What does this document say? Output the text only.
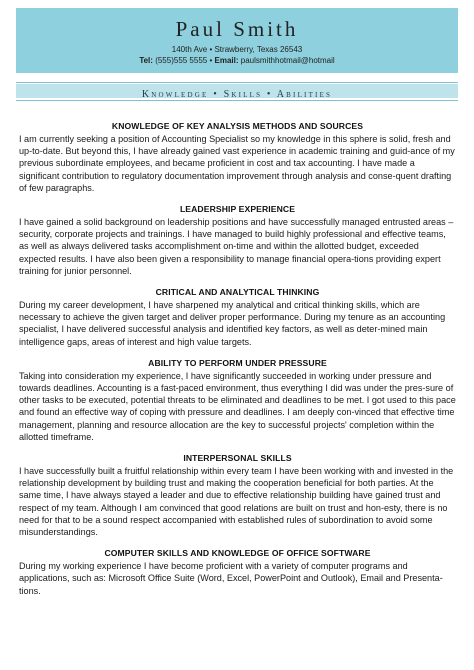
Paul Smith
140th Ave • Strawberry, Texas 26543
Tel: (555)555 5555 • Email: paulsmithhotmail@hotmail
Knowledge • Skills • Abilities
KNOWLEDGE OF KEY ANALYSIS METHODS AND SOURCES
I am currently seeking a position of Accounting Specialist so my knowledge in this sphere is solid, fresh and up-to-date. But beyond this, I have already gained vast experience in academic training and guid-ance of my previous subordinate employees, and became proficient in cost and tax accounting. I have made a significant contribution to regulatory documentation improvement through analysis and conse-quent drafting of few paragraphs.
LEADERSHIP EXPERIENCE
I have gained a solid background on leadership positions and have successfully managed entrusted areas – security, corporate projects and trainings. I have managed to build highly professional and effective teams, as well as always delivered tasks accomplishment on-time and within the allotted budget, exceeded expected results. I have also been given a responsibility to manage financial opera-tions providing expert training for junior personnel.
CRITICAL AND ANALYTICAL THINKING
During my career development, I have sharpened my analytical and critical thinking skills, which are necessary to achieve the given target and deliver proper performance. During my tenure as an accounting specialist, I have delivered successful analysis and identified key factors, as well as deter-mined main intelligence gaps, areas of interest and high value targets.
ABILITY TO PERFORM UNDER PRESSURE
Taking into consideration my experience, I have significantly succeeded in working under pressure and towards deadlines. Accounting is a fast-paced environment, thus everything I did was under the pres-sure of other tasks to be executed, potential threats to be eliminated and deadlines to be met. I got used to this pace and found an effective way of coping with pressure and deadlines. I am deeply con-vinced that effective time management, planning and resource allocation are the key to successful projects' completion within the allotted timeframe.
INTERPERSONAL SKILLS
I have successfully built a fruitful relationship within every team I have been working with and invested in the relationship development by building trust and making the cooperation beneficial for both parties. At the same time, I have always stayed a leader and due to effective relationship building have gained trust and respect of my team. Although I am convinced that good relations are built on trust and hon-esty, there is no need for that to be a sound respect accompanied with established rules of subordination to avoid some misunderstandings.
COMPUTER SKILLS AND KNOWLEDGE OF OFFICE SOFTWARE
During my working experience I have become proficient with a variety of computer programs and applications, such as: Microsoft Office Suite (Word, Excel, PowerPoint and Outlook), Email and Presenta-tions.
